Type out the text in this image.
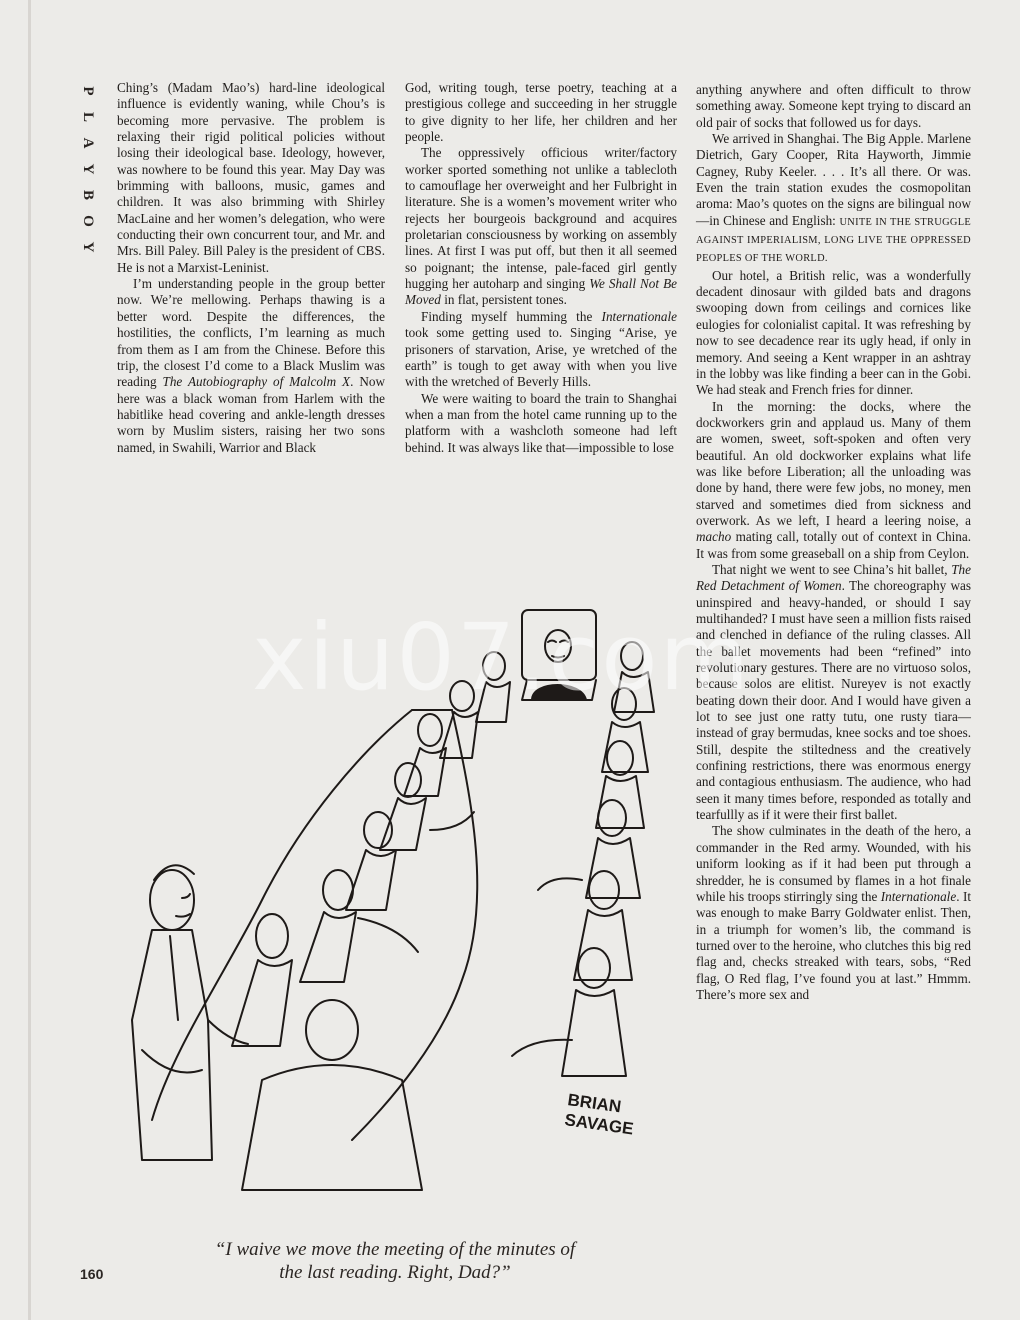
P
L
A
Y
B
O
Y

Ching’s (Madam Mao’s) hard-line ideological influence is evidently waning, while Chou’s is becoming more pervasive. The problem is relaxing their rigid political policies without losing their ideological base. Ideology, however, was nowhere to be found this year. May Day was brimming with balloons, music, games and children. It was also brimming with Shirley MacLaine and her women’s delegation, who were conducting their own concurrent tour, and Mr. and Mrs. Bill Paley. Bill Paley is the president of CBS. He is not a Marxist-Leninist.

I’m understanding people in the group better now. We’re mellowing. Perhaps thawing is a better word. Despite the differences, the hostilities, the conflicts, I’m learning as much from them as I am from the Chinese. Before this trip, the closest I’d come to a Black Muslim was reading The Autobiography of Malcolm X. Now here was a black woman from Harlem with the habitlike head covering and ankle-length dresses worn by Muslim sisters, raising her two sons named, in Swahili, Warrior and Black

God, writing tough, terse poetry, teaching at a prestigious college and succeeding in her struggle to give dignity to her life, her children and her people.

The oppressively officious writer/factory worker sported something not unlike a tablecloth to camouflage her overweight and her Fulbright in literature. She is a women’s movement writer who rejects her bourgeois background and acquires proletarian consciousness by working on assembly lines. At first I was put off, but then it all seemed so poignant; the intense, pale-faced girl gently hugging her autoharp and singing We Shall Not Be Moved in flat, persistent tones.

Finding myself humming the Internationale took some getting used to. Singing “Arise, ye prisoners of starvation, Arise, ye wretched of the earth” is tough to get away with when you live with the wretched of Beverly Hills.

We were waiting to board the train to Shanghai when a man from the hotel came running up to the platform with a washcloth someone had left behind. It was always like that—impossible to lose

anything anywhere and often difficult to throw something away. Someone kept trying to discard an old pair of socks that followed us for days.

We arrived in Shanghai. The Big Apple. Marlene Dietrich, Gary Cooper, Rita Hayworth, Jimmie Cagney, Ruby Keeler. . . . It’s all there. Or was. Even the train station exudes the cosmopolitan aroma: Mao’s quotes on the signs are bilingual now—in Chinese and English: UNITE IN THE STRUGGLE AGAINST IMPERIALISM, LONG LIVE THE OPPRESSED PEOPLES OF THE WORLD.

Our hotel, a British relic, was a wonderfully decadent dinosaur with gilded bats and dragons swooping down from ceilings and cornices like eulogies for colonialist capital. It was refreshing by now to see decadence rear its ugly head, if only in memory. And seeing a Kent wrapper in an ashtray in the lobby was like finding a beer can in the Gobi. We had steak and French fries for dinner.

In the morning: the docks, where the dockworkers grin and applaud us. Many of them are women, sweet, soft-spoken and often very beautiful. An old dockworker explains what life was like before Liberation; all the unloading was done by hand, there were few jobs, no money, men starved and sometimes died from sickness and overwork. As we left, I heard a leering noise, a macho mating call, totally out of context in China. It was from some greaseball on a ship from Ceylon.

That night we went to see China’s hit ballet, The Red Detachment of Women. The choreography was uninspired and heavy-handed, or should I say multihanded? I must have seen a million fists raised and clenched in defiance of the ruling classes. All the ballet movements had been “refined” into revolutionary gestures. There are no virtuoso solos, because solos are elitist. Nureyev is not exactly beating down their door. And I would have given a lot to see just one ratty tutu, one rusty tiara—instead of gray bermudas, knee socks and toe shoes. Still, despite the stiltedness and the creatively confining restrictions, there was enormous energy and contagious enthusiasm. The audience, who had seen it many times before, responded as totally and tearfullly as if it were their first ballet.

The show culminates in the death of the hero, a commander in the Red army. Wounded, with his uniform looking as if it had been put through a shredder, he is consumed by flames in a hot finale while his troops stirringly sing the Internationale. It was enough to make Barry Goldwater enlist. Then, in a triumph for women’s lib, the command is turned over to the heroine, who clutches this big red flag and, checks streaked with tears, sobs, “Red flag, O Red flag, I’ve found you at last.” Hmmm. There’s more sex and

BRIAN
SAVAGE
xiu07.com
“I waive we move the meeting of the minutes of
the last reading. Right, Dad?”
160
